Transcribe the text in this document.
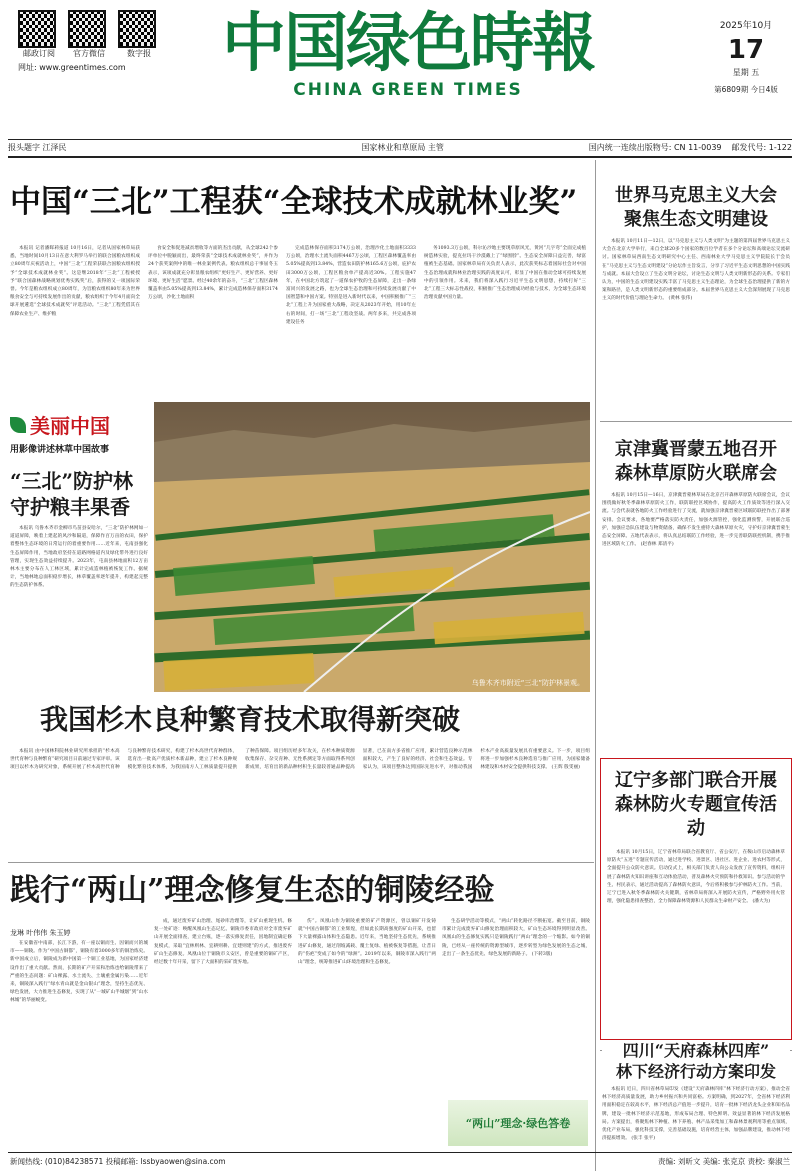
邮政订阅	官方微信	数字报
网址: www.greentimes.com	中国绿色時報
CHINA GREEN TIMES
2025年10月
17
星期 五
第6809期 今日4版
报头题字 江泽民	国家林业和草原局 主管	国内统一连续出版物号: CN 11-0039 邮发代号: 1-122
中国“三北”工程获“全球技术成就林业奖”

本报讯 记者潘晖莉报道 10月16日，记者从国家林草局获悉，当地时间10月13日在意大利罗马举行的联合国粮农组织成立80周年庆祝活动上，中国“三北”工程荣获联合国粮农组织授予“全球技术成就林业奖”。这是继2018年“三北”工程被授予“联合国森林战略规划优秀实践奖”后，获得的又一项国际荣誉。今年是粮农组织成立80周年，为旨粮农组织80年来为世界粮食安全与可持续发展作出的贡献，粮农组织于今年4月面向全球开展遴选“全球技术成就奖”评选活动。“三北”工程凭借其在保障农业生产、维护粮

食安全和促进减贫增收等方面的杰出贡献，从全球242个参评单位中脱颖而出，最终荣获“全球技术成就林业奖”，并作为24个获奖案例中的唯一林业案例代表。粮农组织总干事屈冬玉表示，该项成就充分彰显粮农组织“更好生产、更好营养、更好环境、更好生活”愿景。经过40余年的奋斗，“三北”工程区森林覆盖率由5.05%提高到13.84%，累计完成造林保存面积3174万公顷，沙化土地面积

完成造林保存面积3174万公顷，治理沙化土地面积3333万公顷，治理水土流失面积4467万公顷，工程区森林覆盖率由5.05%提高到13.84%，营造农田防护林165.6万公顷，庇护农田3000万公顷，工程区粮食单产提高近30%。工程实施47年，在中国北方筑起了一道保农护牧的生态屏障，走出一条绿富同兴的发展之路，也为全球生态治理和可持续发展贡献了中国智慧和中国方案。特别是进入新时代以来，中国积极推广“三北”工程上升为国家重大战略，决定从2023年开始，用10年左右的时间，打一场“三北”工程攻坚战。两年多来，共完成各项建设任务

务1093.3万公顷，科尔沁沙地主要现草原风光，黄河“几字弯”全面完成植树造林实验，提克拉玛干沙漠戴上了“绿围脖”。生态安全屏障日益完善，绿富植被生态基础。国家林草局有关负责人表示，此次获奖标志着国际社会对中国生态治理成就和林业治理实践的高度认可，彰显了中国在推动全球可持续发展中的引领作用。未来，我们将深入践行习近平生态文明思想，持续打好“三北”工程三大标志性战役，积极推广生态治理成功经验与技术，为全球生态环境治理贡献中国力量。

世界马克思主义大会
聚焦生态文明建设

本报讯 10月11日—12日，以“马克思主义与人类文明”为主题的第四届世界马克思主义大会在北京大学举行，来自全球20多个国家的数百位学者在多个分论坛和高端论坛交流研讨。国家林草局西南生态文明研究中心主任、西南林业大学马克思主义学院院长于会员在“马克思主义与生态文明建设”分论坛作主旨发言，分享了习近平生态文明思想的中国实践与成就。本届大会设立了生态文明分论坛，讨论生态文明与人类文明新形态的关系。专家们认为，中国的生态文明建设实践丰富了马克思主义生态理论，为全球生态治理提供了新的方案和路径，是人类文明新形态的重要组成部分。本届世界马克思主义大会深刻展现了马克思主义的时代价值与理论生命力。 (黄林 张伟)

京津冀晋蒙五地召开
森林草原防火联席会

本报讯 10月15日—16日，京津冀晋蒙林草局在北京召开森林草原防火联席会议，会议围绕做好秋冬季森林草原防火工作，联防联控区域协作，提高防火工作质效等进行深入交流。与会代表就各地防火工作经验进行了交流，就加强京津冀晋蒙区域联防联控作出了部署安排。会议要求，各地要严格落实防火责任，加强火源管控，强化监测预警，开展联合巡护，加强应急队伍建设与物资储备，确保不发生重特大森林草原火灾，守护好京津冀晋蒙生态安全屏障。五地代表表示，将认真总结联防工作经验，进一步完善联防联控机制，携手推进区域防火工作。 (赵春林 郑清平)

辽宁多部门联合开展
森林防火专题宣传活动

本报讯 10月15日，辽宁省林草局联合省教育厅、省公安厅，在鞍山市启动森林草原防火“五进”专题宣传活动，通过进学校、进景区、进社区、进企业、进农村等形式，全面提升公众防火意识。启动仪式上，相关部门负责人向公众发放了宣传资料，组织开展了森林防火知识讲座和互动体验活动，普及森林火灾预防和扑救知识。参与活动的学生、村民表示，通过活动提高了森林防火意识，今后将积极参与护林防火工作。当前，辽宁已进入秋冬季森林防火关键期，省林草局将深入开展防火宣传，严格野外用火管理，强化隐患排查整治，全力保障森林资源和人民群众生命财产安全。 (潘大为)

美丽中国
用影像讲述林草中国故事
“三北”防护林
守护粮丰果香

本报讯 乌鲁木齐市金柳市鸟苗县安哈尔，“三北”防护林网如一道道屏障，映着上建起的风沙和隔道，保障作百万亩的农田，保护着整体生态环境的日常运行的着重要作用……近年来，屯南县强化生态屏障作用，当地政府坚持在道路网格道内及绿化带外进行良好管理，实现生态效益持续提升。2023年，屯南县林地面积12万亩林木主要分布在人工林区域，累计完成造林植被恢复工作。据统计，当地林地总面积稳步增长，林草覆盖率逐年提升，构建起完整的生态防护体系。

乌鲁木齐市附近“三北”防护林景观。
我国杉木良种繁育技术取得新突破

本报讯 由中国林科院林业研究所承担的“杉木高世代育种与良种繁育”研究项目日前通过专家评审。该项目以杉木为研究对象，系统开展了杉木高世代育种与良种繁育技术研究，构建了杉木高世代育种群体，选育出一批高产优质杉木新品种，建立了杉木良种规模化繁育技术体系，为我国南方人工林质量提升提供了种苗保障。项目组历经多年攻关，在杉木种质资源收集保存、杂交育种、无性系测定等方面取得系列创新成果，培育出的新品种材积生长量较普通品种提高显著，已在南方多省推广应用，累计营造良种示范林面积较大，产生了良好的经济、社会和生态效益。专家认为，该项目整体达到国际先进水平，对推动我国杉木产业高质量发展具有重要意义。下一步，项目组将进一步加强杉木良种选育与推广应用，为国家储备林建设和木材安全提供科技支撑。 (王辉 殷雯丽)

践行“两山”理念修复生态的铜陵经验
龙琳 叶伟伟 朱玉婷

在安徽省中南部，长江下游，有一座以铜而生、因铜而兴的城市——铜陵。作为“中国古铜都”，铜陵有着3000多年的铜冶炼史。新中国成立后，铜陵成为新中国第一个铜工业基地，为国家经济建设作出了重大贡献。然而，长期的矿产开采和冶炼也给铜陵带来了严重的生态问题：矿山裸露、水土流失、土壤重金属污染……近年来，铜陵深入践行“绿水青山就是金山银山”理念，坚持生态优先、绿色发展，大力推进生态修复，实现了从“一城矿山半城烟”到“山水林城”的华丽蜕变。

成，通过废弃矿山治理、尾砂库治理等，让矿山重现生机。修复一处矿迹：唤醒凤凰山生态记忆。铜陵市委市政府对全市废弃矿山开展全面排查，建立台账，逐一落实修复责任，因地制宜确定修复模式，采取“宜林则林、宜耕则耕、宜建则建”的方式，推进废弃矿山生态修复。凤凰山位于铜陵市义安区，曾是重要的铜矿产区，经过数十年开采，留下了大面积的采矿废弃地。

伤”。凤凰山作为铜陵重要的矿产资源区，曾以铜矿开发铸就“中国古铜都”的工业辉煌，但如此长期高强度的矿山开采，也留下大量裸露山体和生态隐患。近年来，当地坚持生态优先，系统推进矿山修复，通过削坡减载、覆土复绿、植被恢复等措施，让昔日的“伤疤”变成了如今的“绿洲”。2019年以来，铜陵市深入践行“两山”理念，统筹推进矿山环境治理和生态修复。

生态研学活动等模式，“两山”转化路径不断拓宽。截至目前，铜陵市累计完成废弃矿山修复治理面积较大，矿山生态环境得到明显改善。凤凰山的生态修复实践只是铜陵践行“两山”理念的一个缩影。如今的铜陵，已经从一座传统的资源型城市，逐步转型为绿色发展的生态之城，走出了一条生态优先、绿色发展的新路子。 (下转3版)

“两山”理念·绿色答卷
四川“天府森林四库”
林下经济行动方案印发

本报讯 近日，四川省林草局印发《建设“天府森林四库”林下经济行动方案》，推动全省林下经济高质量发展，助力乡村振兴和共同富裕。方案明确，到2027年，全省林下经济利用面积稳定在较高水平，林下经济总产值进一步提升，培育一批林下经济龙头企业和知名品牌，建设一批林下经济示范基地，形成布局合理、特色鲜明、效益显著的林下经济发展格局。方案提出，将聚焦林下种植、林下养殖、林产品采集加工和森林景观利用等重点领域，优化产业布局，强化科技支撑，完善基础设施，培育经营主体，加强品牌建设，推动林下经济提质增效。 (张丰 张平)

新闻热线: (010)84238571 投稿邮箱: lssbyaowen@sina.com	责编: 刘昕文 美编: 张克京 责校: 秦淑兰
